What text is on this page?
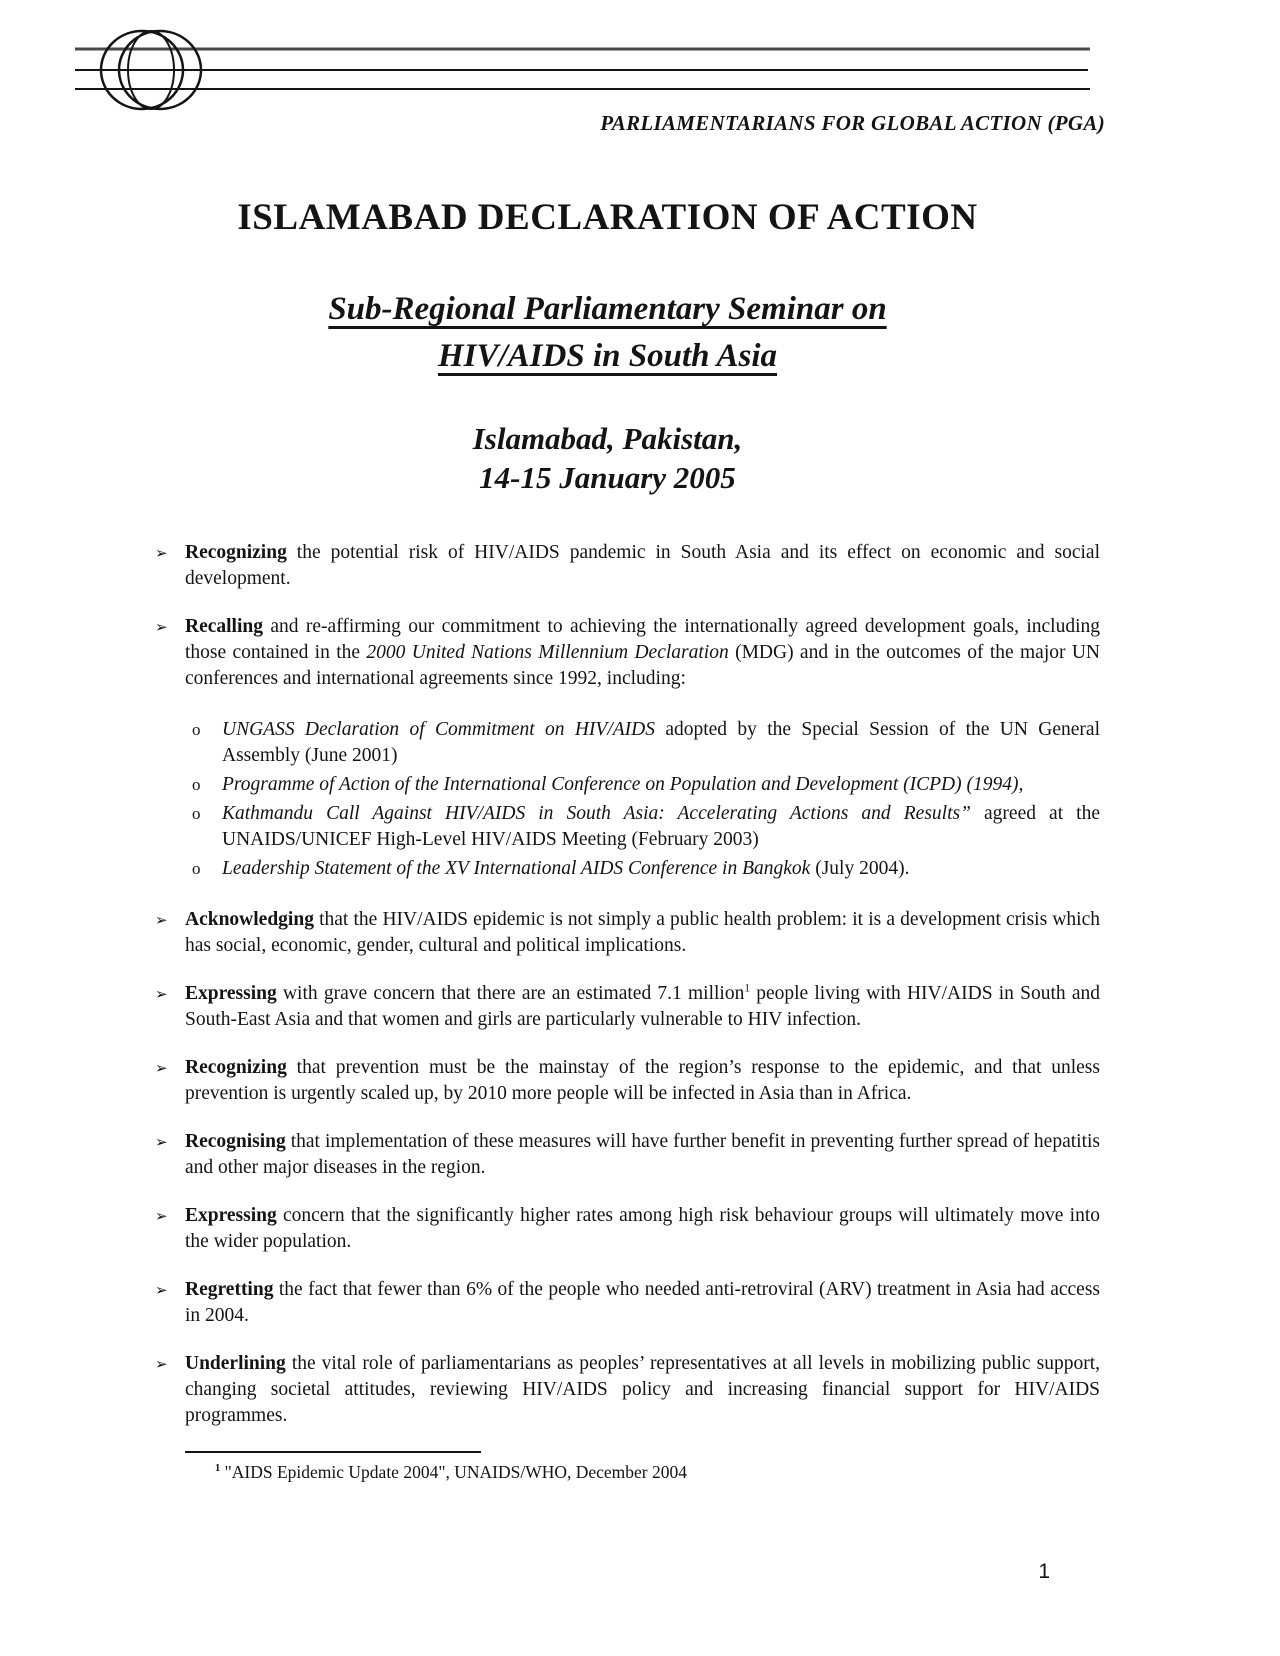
PARLIAMENTARIANS FOR GLOBAL ACTION (PGA)
ISLAMABAD DECLARATION OF ACTION
Sub-Regional Parliamentary Seminar on
HIV/AIDS in South Asia
Islamabad, Pakistan,
14-15 January 2005
➢ Recognizing the potential risk of HIV/AIDS pandemic in South Asia and its effect on economic and social development.

➢ Recalling and re-affirming our commitment to achieving the internationally agreed development goals, including those contained in the 2000 United Nations Millennium Declaration (MDG) and in the outcomes of the major UN conferences and international agreements since 1992, including:

o	UNGASS Declaration of Commitment on HIV/AIDS adopted by the Special Session of the UN General Assembly (June 2001)

o	Programme of Action of the International Conference on Population and Development (ICPD) (1994),

o	Kathmandu Call Against HIV/AIDS in South Asia: Accelerating Actions and Results” agreed at the UNAIDS/UNICEF High-Level HIV/AIDS Meeting (February 2003)

o	Leadership Statement of the XV International AIDS Conference in Bangkok (July 2004).

➢ Acknowledging that the HIV/AIDS epidemic is not simply a public health problem: it is a development crisis which has social, economic, gender, cultural and political implications.

➢ Expressing with grave concern that there are an estimated 7.1 million$^1$ people living with HIV/AIDS in South and South-East Asia and that women and girls are particularly vulnerable to HIV infection.

➢ Recognizing that prevention must be the mainstay of the region’s response to the epidemic, and that unless prevention is urgently scaled up, by 2010 more people will be infected in Asia than in Africa.

➢ Recognising that implementation of these measures will have further benefit in preventing further spread of hepatitis and other major diseases in the region.

➢ Expressing concern that the significantly higher rates among high risk behaviour groups will ultimately move into the wider population.

➢ Regretting the fact that fewer than 6% of the people who needed anti-retroviral (ARV) treatment in Asia had access in 2004.

➢ Underlining the vital role of parliamentarians as peoples’ representatives at all levels in mobilizing public support, changing societal attitudes, reviewing HIV/AIDS policy and increasing financial support for HIV/AIDS programmes.

$^1$ "AIDS Epidemic Update 2004", UNAIDS/WHO, December 2004
1
